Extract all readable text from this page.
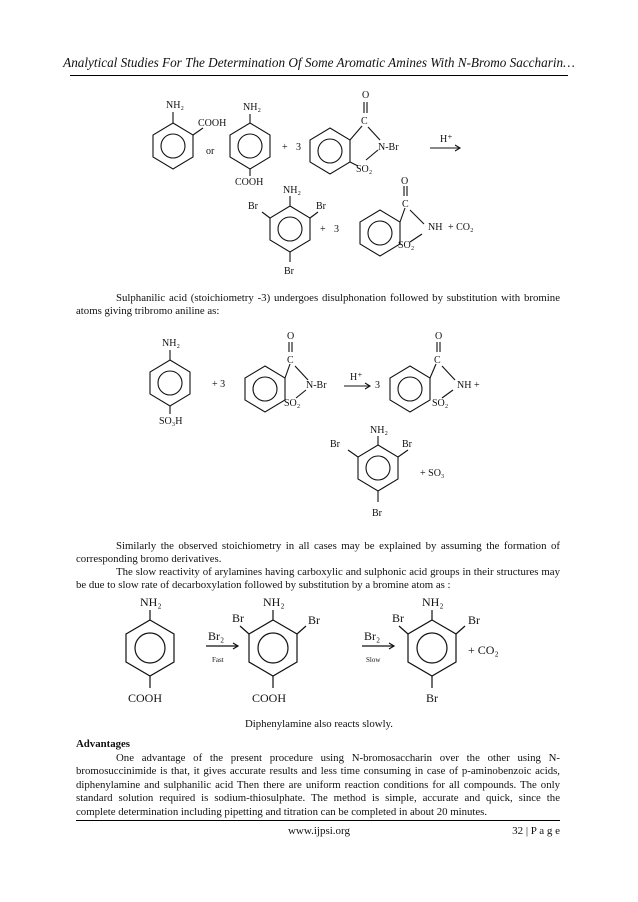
Analytical Studies For The Determination Of Some Aromatic Amines With N-Bromo Saccharin…
NH₂
COOH
or
NH₂
COOH
+ 3
O
C
N-Br
SO₂
H⁺
NH₂
Br	Br
Br
+ 3
O
C
NH
SO₂
+ CO₂

Sulphanilic acid (stoichiometry -3) undergoes disulphonation followed by substitution with bromine atoms giving tribromo aniline as:

NH₂
SO₃H
+ 3
O
C
N-Br
SO₂
H⁺
3
O
C
NH +
SO₂
NH₂
Br	Br
Br
+ SO₃

Similarly the observed stoichiometry in all cases may be explained by assuming the formation of corresponding bromo derivatives.

The slow reactivity of arylamines having carboxylic and sulphonic acid groups in their structures may be due to slow rate of decarboxylation followed by substitution by a bromine atom as :

NH₂
COOH
Br₂
Fast
NH₂
Br	Br
COOH
Br₂
Slow
NH₂
Br	Br
Br
+ CO₂
Diphenylamine also reacts slowly.
Advantages

One advantage of the present procedure using N-bromosaccharin over the other using N-bromosuccinimide is that, it gives accurate results and less time consuming in case of p-aminobenzoic acids, diphenylamine and sulphanilic acid Then there are uniform reaction conditions for all compounds. The only standard solution required is sodium-thiosulphate. The method is simple, accurate and quick, since the complete determination including pipetting and titration can be completed in about 20 minutes.

www.ijpsi.org	32 | P a g e
